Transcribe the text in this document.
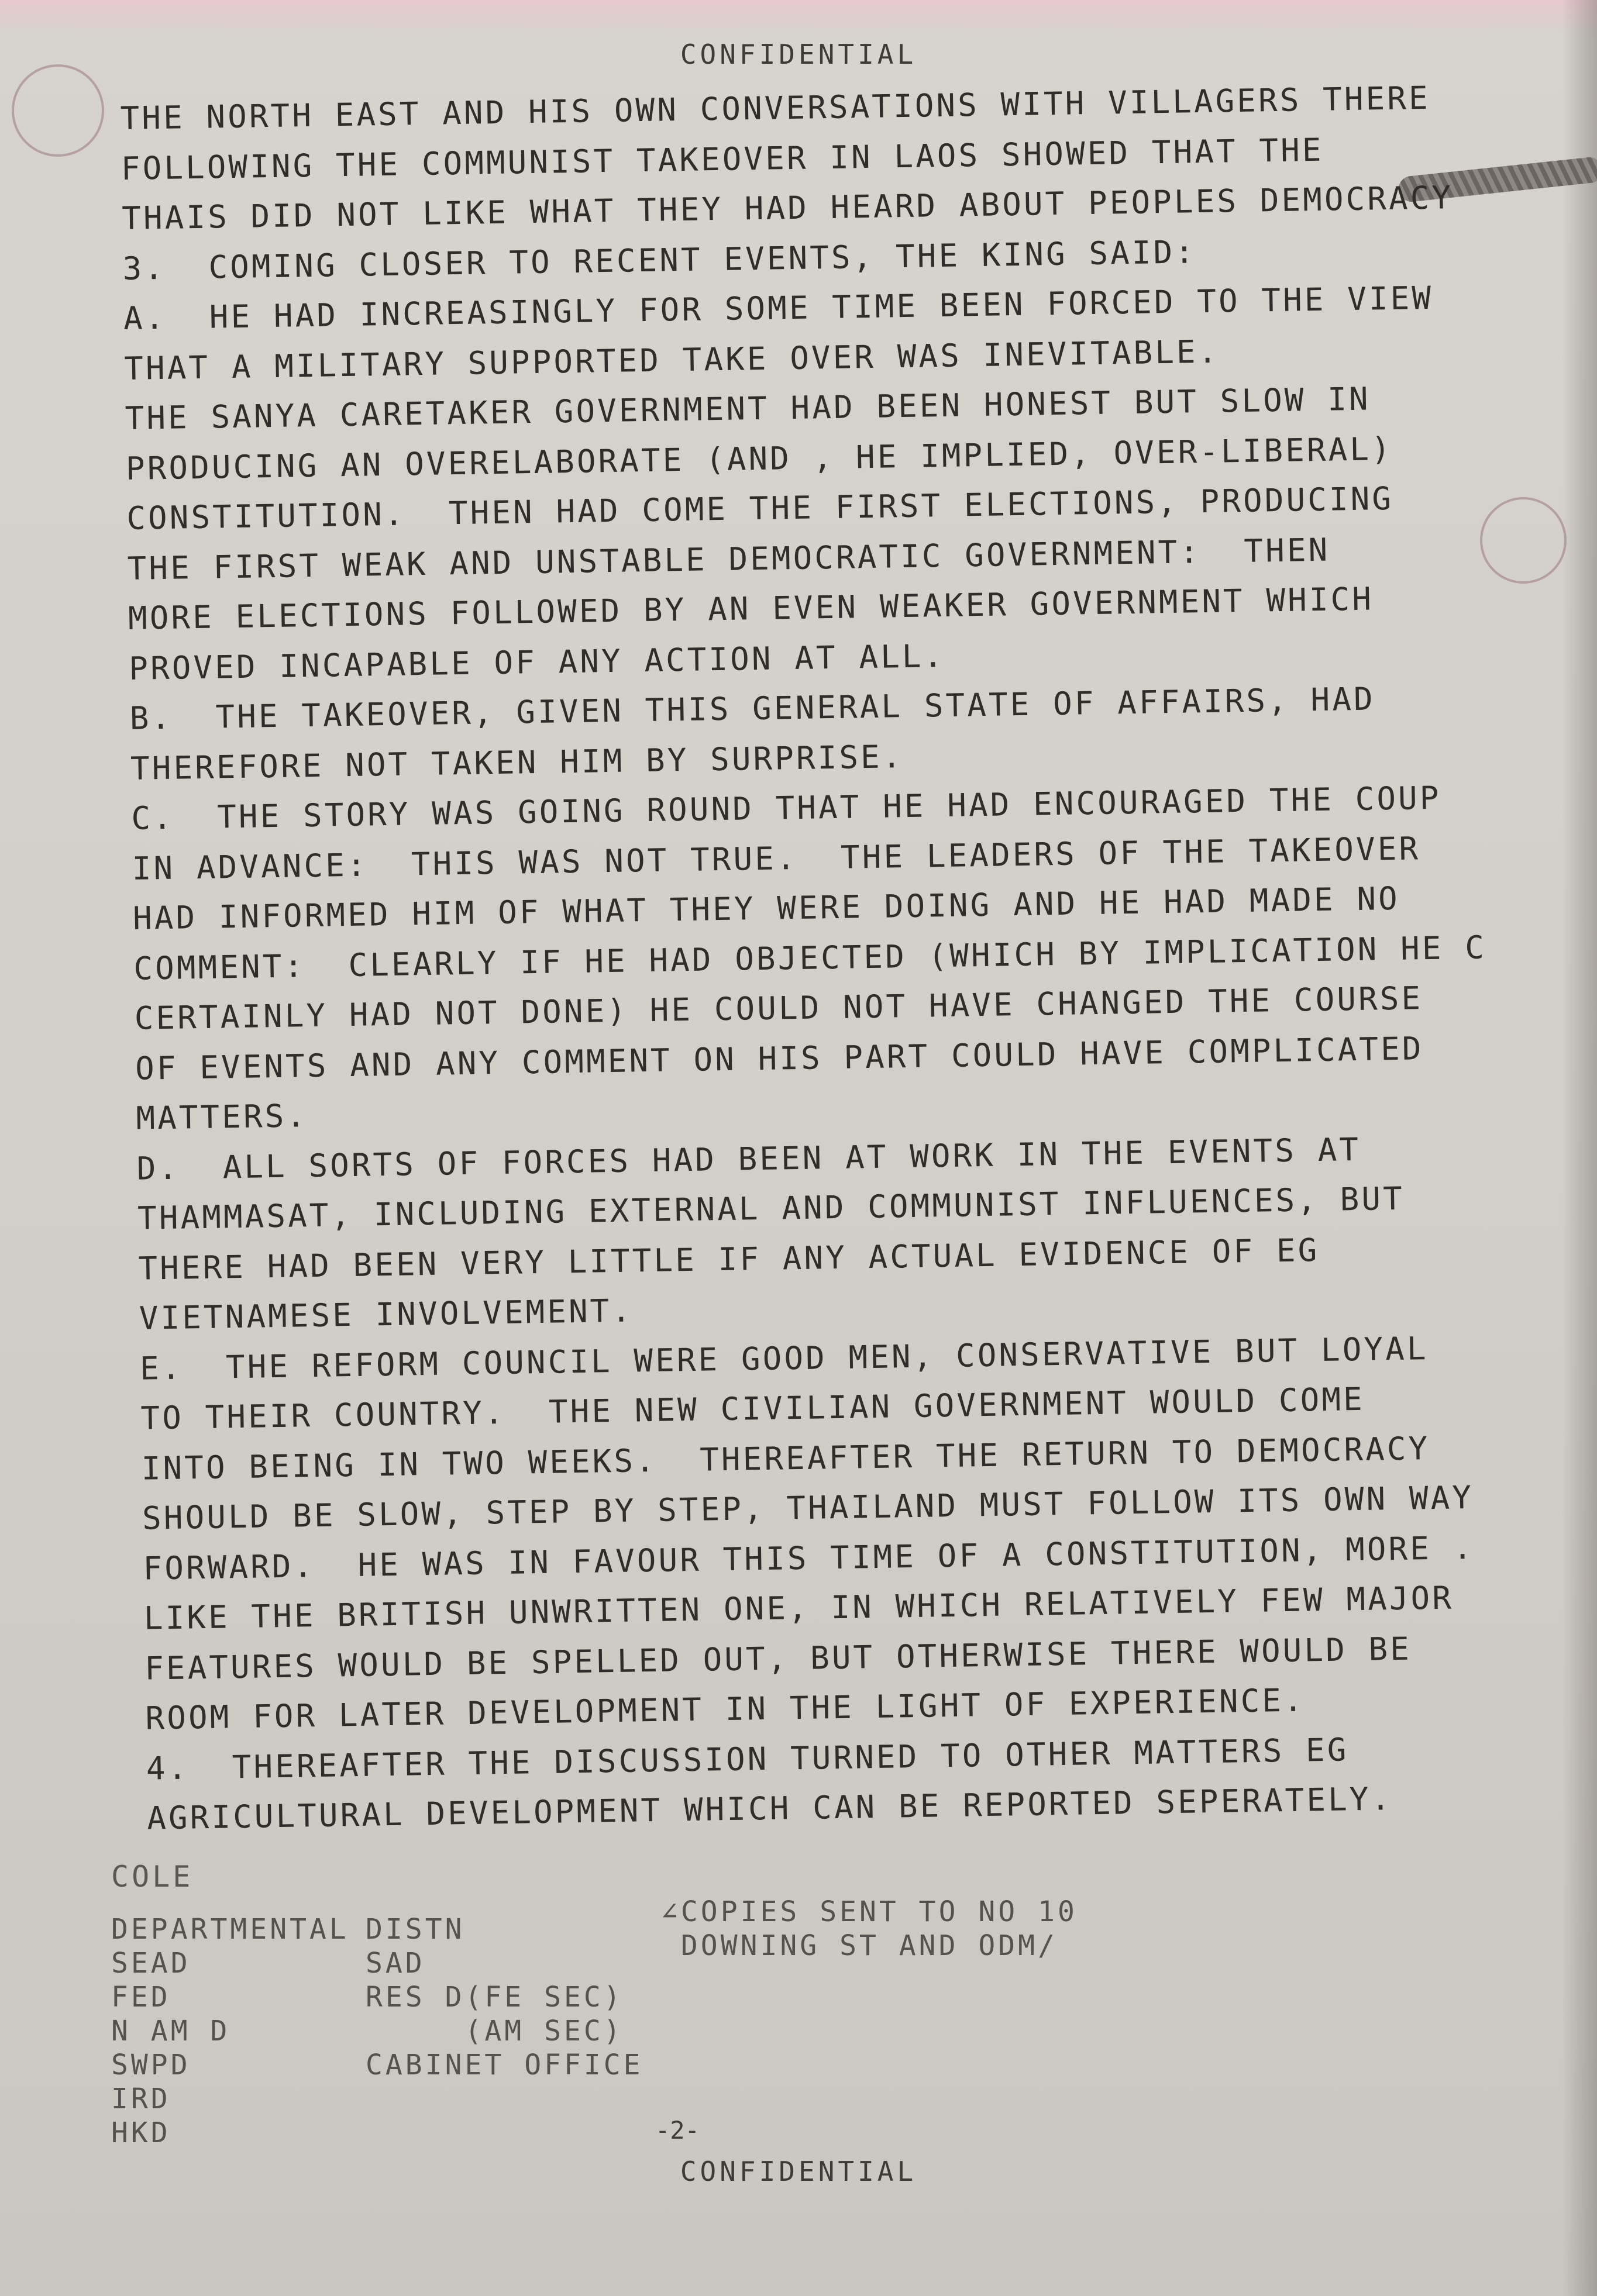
CONFIDENTIAL
THE NORTH EAST AND HIS OWN CONVERSATIONS WITH VILLAGERS THERE
FOLLOWING THE COMMUNIST TAKEOVER IN LAOS SHOWED THAT THE
THAIS DID NOT LIKE WHAT THEY HAD HEARD ABOUT PEOPLES DEMOCRACY
3.  COMING CLOSER TO RECENT EVENTS, THE KING SAID:
A.  HE HAD INCREASINGLY FOR SOME TIME BEEN FORCED TO THE VIEW
THAT A MILITARY SUPPORTED TAKE OVER WAS INEVITABLE.
THE SANYA CARETAKER GOVERNMENT HAD BEEN HONEST BUT SLOW IN
PRODUCING AN OVERELABORATE (AND , HE IMPLIED, OVER-LIBERAL)
CONSTITUTION.  THEN HAD COME THE FIRST ELECTIONS, PRODUCING
THE FIRST WEAK AND UNSTABLE DEMOCRATIC GOVERNMENT:  THEN
MORE ELECTIONS FOLLOWED BY AN EVEN WEAKER GOVERNMENT WHICH
PROVED INCAPABLE OF ANY ACTION AT ALL.
B.  THE TAKEOVER, GIVEN THIS GENERAL STATE OF AFFAIRS, HAD
THEREFORE NOT TAKEN HIM BY SURPRISE.
C.  THE STORY WAS GOING ROUND THAT HE HAD ENCOURAGED THE COUP
IN ADVANCE:  THIS WAS NOT TRUE.  THE LEADERS OF THE TAKEOVER
HAD INFORMED HIM OF WHAT THEY WERE DOING AND HE HAD MADE NO
COMMENT:  CLEARLY IF HE HAD OBJECTED (WHICH BY IMPLICATION HE C
CERTAINLY HAD NOT DONE) HE COULD NOT HAVE CHANGED THE COURSE
OF EVENTS AND ANY COMMENT ON HIS PART COULD HAVE COMPLICATED
MATTERS.
D.  ALL SORTS OF FORCES HAD BEEN AT WORK IN THE EVENTS AT
THAMMASAT, INCLUDING EXTERNAL AND COMMUNIST INFLUENCES, BUT
THERE HAD BEEN VERY LITTLE IF ANY ACTUAL EVIDENCE OF EG
VIETNAMESE INVOLVEMENT.
E.  THE REFORM COUNCIL WERE GOOD MEN, CONSERVATIVE BUT LOYAL
TO THEIR COUNTRY.  THE NEW CIVILIAN GOVERNMENT WOULD COME
INTO BEING IN TWO WEEKS.  THEREAFTER THE RETURN TO DEMOCRACY
SHOULD BE SLOW, STEP BY STEP, THAILAND MUST FOLLOW ITS OWN WAY
FORWARD.  HE WAS IN FAVOUR THIS TIME OF A CONSTITUTION, MORE .
LIKE THE BRITISH UNWRITTEN ONE, IN WHICH RELATIVELY FEW MAJOR
FEATURES WOULD BE SPELLED OUT, BUT OTHERWISE THERE WOULD BE
ROOM FOR LATER DEVELOPMENT IN THE LIGHT OF EXPERIENCE.
4.  THEREAFTER THE DISCUSSION TURNED TO OTHER MATTERS EG
AGRICULTURAL DEVELOPMENT WHICH CAN BE REPORTED SEPERATELY.
COLE
DEPARTMENTAL
SEAD
FED
N AM D
SWPD
IRD
HKD
DISTN
SAD
RES D(FE SEC)
(AM SEC)
CABINET OFFICE
∠COPIES SENT TO NO 10
DOWNING ST AND ODM/
-2-
CONFIDENTIAL
